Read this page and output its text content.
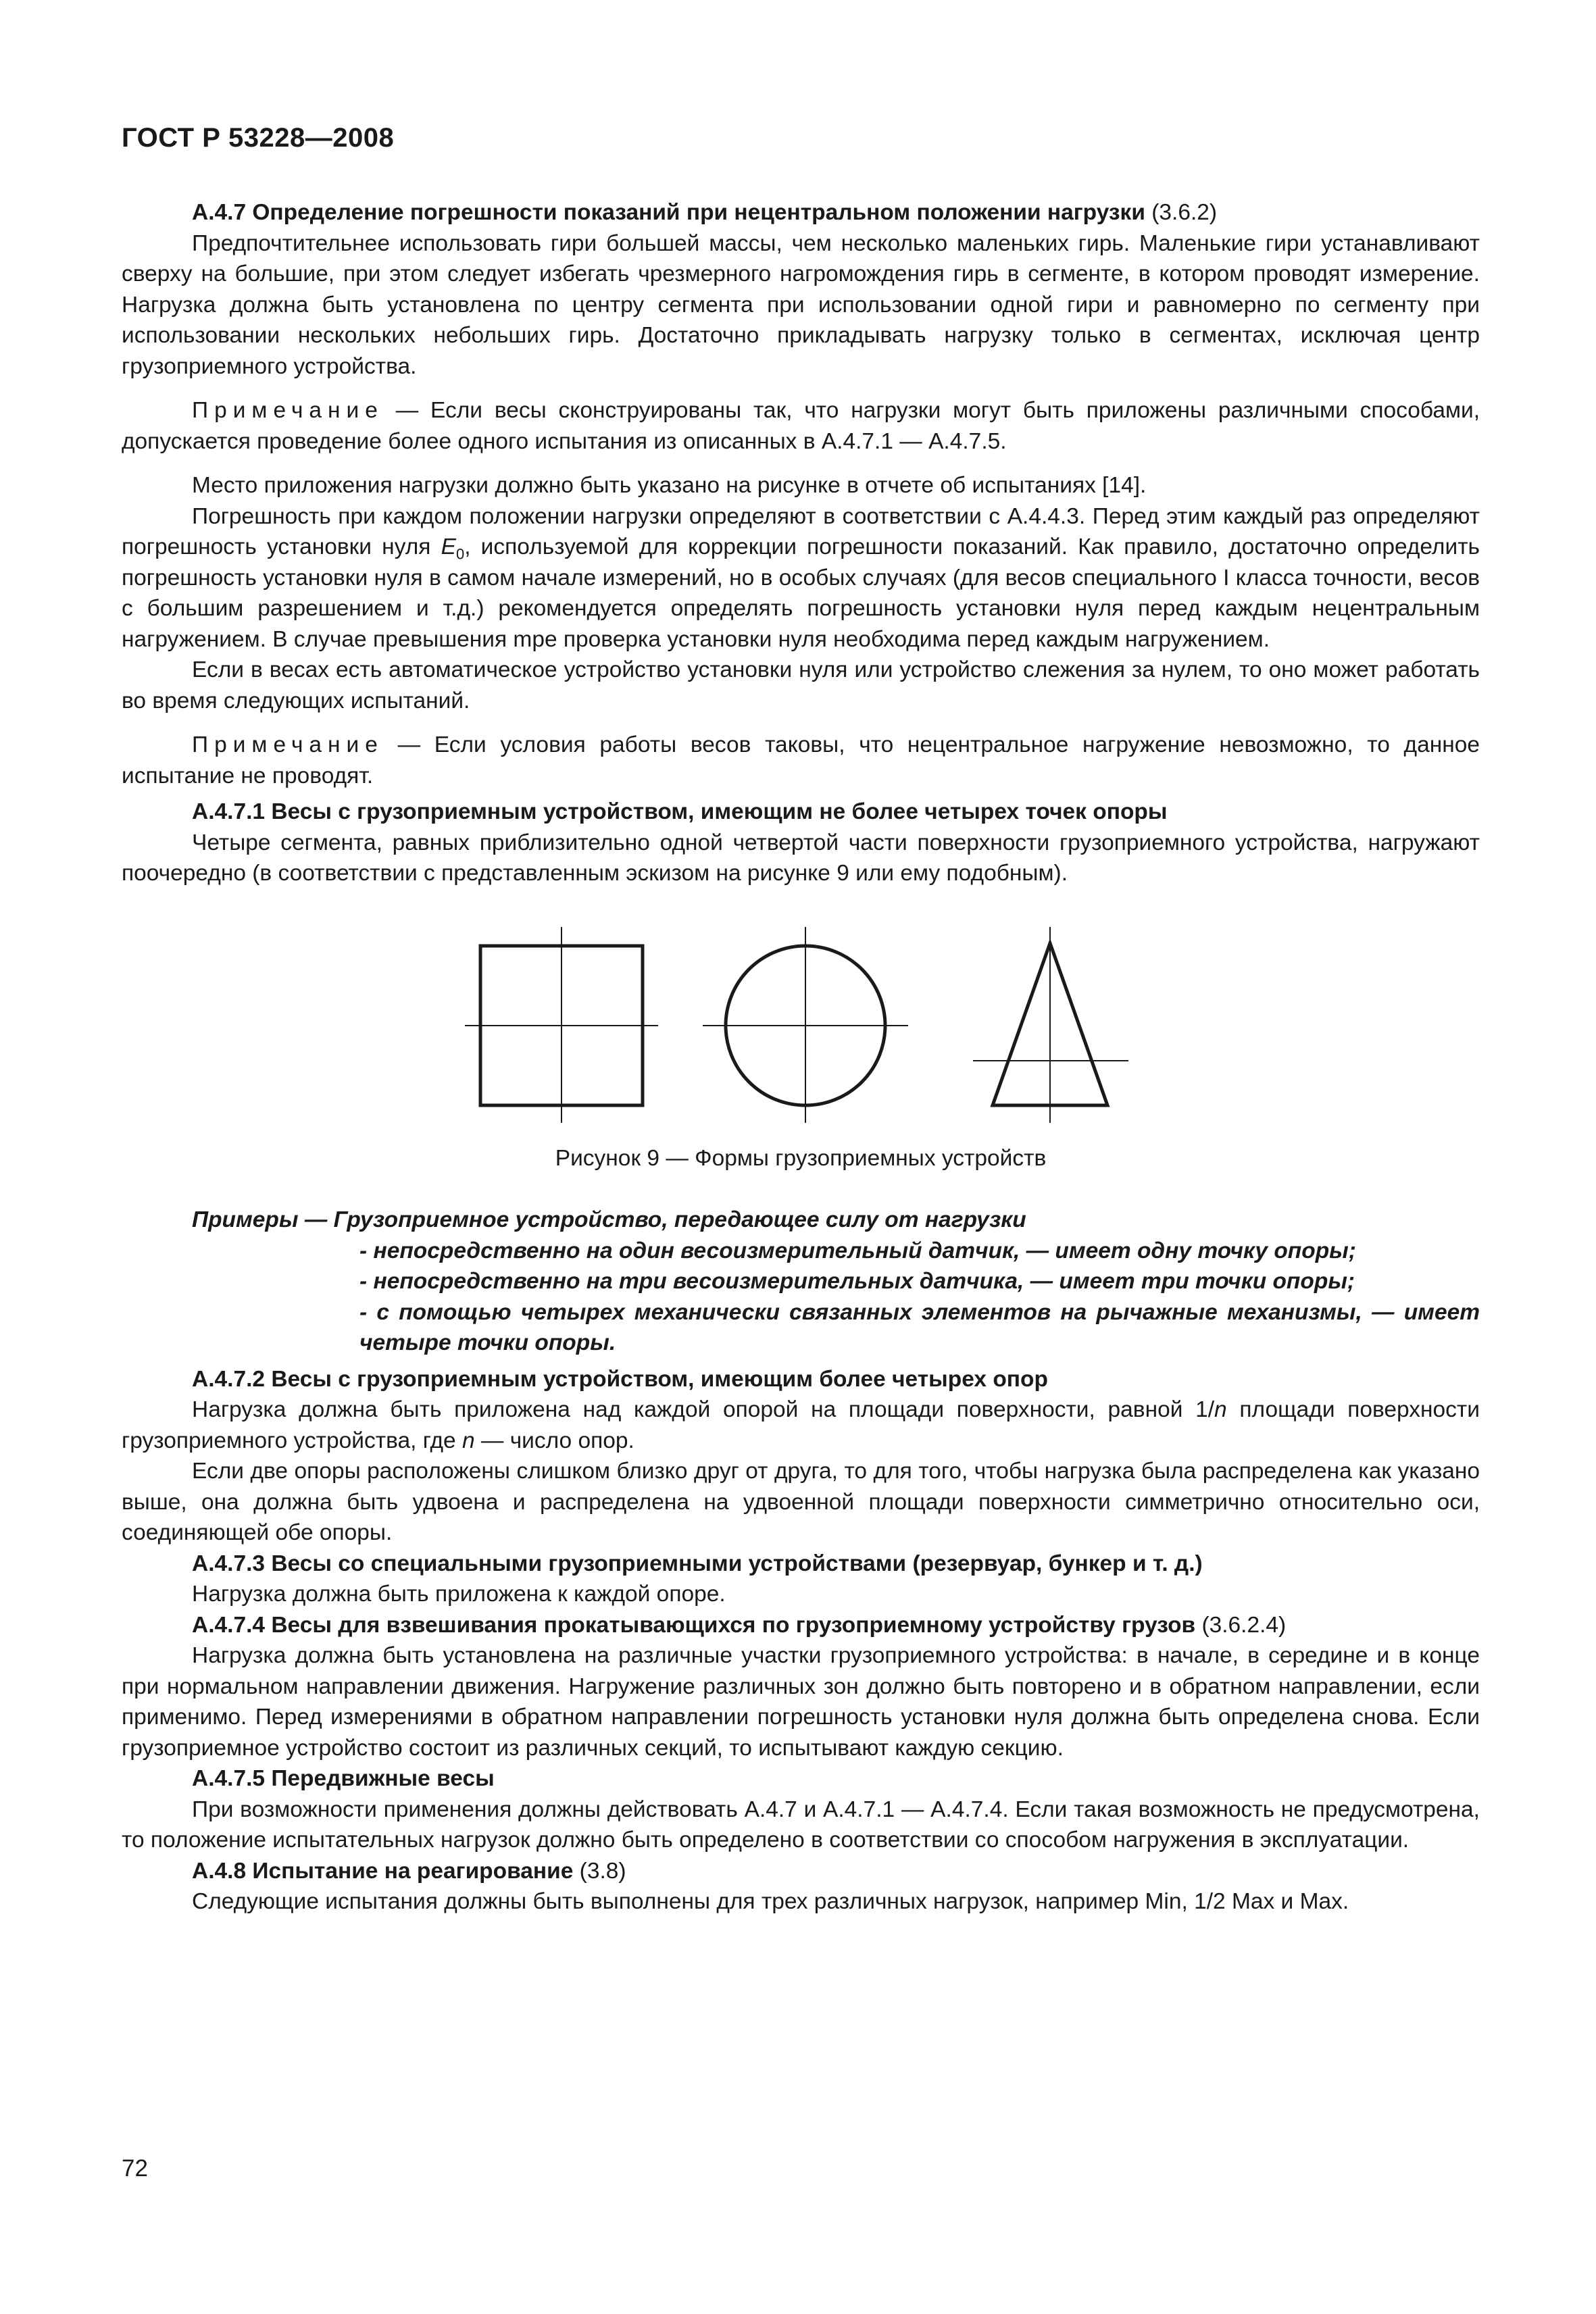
ГОСТ Р 53228—2008

А.4.7 Определение погрешности показаний при нецентральном положении нагрузки (3.6.2)

Предпочтительнее использовать гири большей массы, чем несколько маленьких гирь. Маленькие гири устанавливают сверху на большие, при этом следует избегать чрезмерного нагромождения гирь в сегменте, в котором проводят измерение. Нагрузка должна быть установлена по центру сегмента при использовании одной гири и равномерно по сегменту при использовании нескольких небольших гирь. Достаточно прикладывать нагрузку только в сегментах, исключая центр грузоприемного устройства.

Примечание — Если весы сконструированы так, что нагрузки могут быть приложены различными способами, допускается проведение более одного испытания из описанных в А.4.7.1 — А.4.7.5.

Место приложения нагрузки должно быть указано на рисунке в отчете об испытаниях [14].

Погрешность при каждом положении нагрузки определяют в соответствии с А.4.4.3. Перед этим каждый раз определяют погрешность установки нуля $E_0$, используемой для коррекции погрешности показаний. Как правило, достаточно определить погрешность установки нуля в самом начале измерений, но в особых случаях (для весов специального I класса точности, весов с большим разрешением и т.д.) рекомендуется определять погрешность установки нуля перед каждым нецентральным нагружением. В случае превышения mpe проверка установки нуля необходима перед каждым нагружением.

Если в весах есть автоматическое устройство установки нуля или устройство слежения за нулем, то оно может работать во время следующих испытаний.

Примечание — Если условия работы весов таковы, что нецентральное нагружение невозможно, то данное испытание не проводят.

А.4.7.1 Весы с грузоприемным устройством, имеющим не более четырех точек опоры

Четыре сегмента, равных приблизительно одной четвертой части поверхности грузоприемного устройства, нагружают поочередно (в соответствии с представленным эскизом на рисунке 9 или ему подобным).

Рисунок 9 — Формы грузоприемных устройств

Примеры — Грузоприемное устройство, передающее силу от нагрузки

- непосредственно на один весоизмерительный датчик, — имеет одну точку опоры;

- непосредственно на три весоизмерительных датчика, — имеет три точки опоры;

- с помощью четырех механически связанных элементов на рычажные механизмы, — имеет четыре точки опоры.

А.4.7.2 Весы с грузоприемным устройством, имеющим более четырех опор

Нагрузка должна быть приложена над каждой опорой на площади поверхности, равной 1/n площади поверхности грузоприемного устройства, где n — число опор.

Если две опоры расположены слишком близко друг от друга, то для того, чтобы нагрузка была распределена как указано выше, она должна быть удвоена и распределена на удвоенной площади поверхности симметрично относительно оси, соединяющей обе опоры.

А.4.7.3 Весы со специальными грузоприемными устройствами (резервуар, бункер и т. д.)

Нагрузка должна быть приложена к каждой опоре.

А.4.7.4 Весы для взвешивания прокатывающихся по грузоприемному устройству грузов (3.6.2.4)

Нагрузка должна быть установлена на различные участки грузоприемного устройства: в начале, в середине и в конце при нормальном направлении движения. Нагружение различных зон должно быть повторено и в обратном направлении, если применимо. Перед измерениями в обратном направлении погрешность установки нуля должна быть определена снова. Если грузоприемное устройство состоит из различных секций, то испытывают каждую секцию.

А.4.7.5 Передвижные весы

При возможности применения должны действовать А.4.7 и А.4.7.1 — А.4.7.4. Если такая возможность не предусмотрена, то положение испытательных нагрузок должно быть определено в соответствии со способом нагружения в эксплуатации.

А.4.8 Испытание на реагирование (3.8)

Следующие испытания должны быть выполнены для трех различных нагрузок, например Min, 1/2 Max и Max.

72
